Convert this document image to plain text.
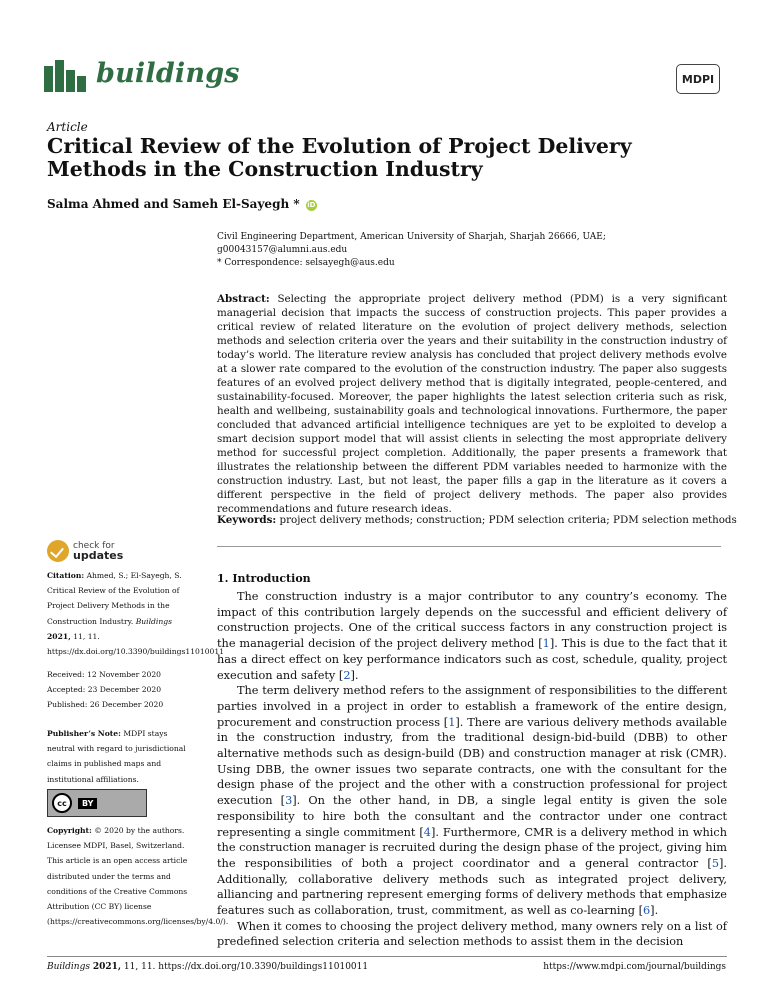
buildings	MDPI
Article
Critical Review of the Evolution of Project Delivery Methods in the Construction Industry
Salma Ahmed and Sameh El-Sayegh * iD
Civil Engineering Department, American University of Sharjah, Sharjah 26666, UAE; g00043157@alumni.aus.edu
* Correspondence: selsayegh@aus.edu
Abstract: Selecting the appropriate project delivery method (PDM) is a very significant managerial decision that impacts the success of construction projects. This paper provides a critical review of related literature on the evolution of project delivery methods, selection methods and selection criteria over the years and their suitability in the construction industry of today’s world. The literature review analysis has concluded that project delivery methods evolve at a slower rate compared to the evolution of the construction industry. The paper also suggests features of an evolved project delivery method that is digitally integrated, people-centered, and sustainability-focused. Moreover, the paper highlights the latest selection criteria such as risk, health and wellbeing, sustainability goals and technological innovations. Furthermore, the paper concluded that advanced artificial intelligence techniques are yet to be exploited to develop a smart decision support model that will assist clients in selecting the most appropriate delivery method for successful project completion. Additionally, the paper presents a framework that illustrates the relationship between the different PDM variables needed to harmonize with the construction industry. Last, but not least, the paper fills a gap in the literature as it covers a different perspective in the field of project delivery methods. The paper also provides recommendations and future research ideas.
Keywords: project delivery methods; construction; PDM selection criteria; PDM selection methods
check for
updates
Citation: Ahmed, S.; El-Sayegh, S. Critical Review of the Evolution of Project Delivery Methods in the Construction Industry. Buildings 2021, 11, 11. https://dx.doi.org/10.3390/buildings11010011
Received: 12 November 2020
Accepted: 23 December 2020
Published: 26 December 2020
Publisher’s Note: MDPI stays neutral with regard to jurisdictional claims in published maps and institutional affiliations.
cc	BY
Copyright: © 2020 by the authors. Licensee MDPI, Basel, Switzerland. This article is an open access article distributed under the terms and conditions of the Creative Commons Attribution (CC BY) license (https://creativecommons.org/licenses/by/4.0/).
1. Introduction

The construction industry is a major contributor to any country’s economy. The impact of this contribution largely depends on the successful and efficient delivery of construction projects. One of the critical success factors in any construction project is the managerial decision of the project delivery method [1]. This is due to the fact that it has a direct effect on key performance indicators such as cost, schedule, quality, project execution and safety [2].

The term delivery method refers to the assignment of responsibilities to the different parties involved in a project in order to establish a framework of the entire design, procurement and construction process [1]. There are various delivery methods available in the construction industry, from the traditional design-bid-build (DBB) to other alternative methods such as design-build (DB) and construction manager at risk (CMR). Using DBB, the owner issues two separate contracts, one with the consultant for the design phase of the project and the other with a construction professional for project execution [3]. On the other hand, in DB, a single legal entity is given the sole responsibility to hire both the consultant and the contractor under one contract representing a single commitment [4]. Furthermore, CMR is a delivery method in which the construction manager is recruited during the design phase of the project, giving him the responsibilities of both a project coordinator and a general contractor [5]. Additionally, collaborative delivery methods such as integrated project delivery, alliancing and partnering represent emerging forms of delivery methods that emphasize features such as collaboration, trust, commitment, as well as co-learning [6].

When it comes to choosing the project delivery method, many owners rely on a list of predefined selection criteria and selection methods to assist them in the decision

Buildings 2021, 11, 11. https://dx.doi.org/10.3390/buildings11010011	https://www.mdpi.com/journal/buildings
